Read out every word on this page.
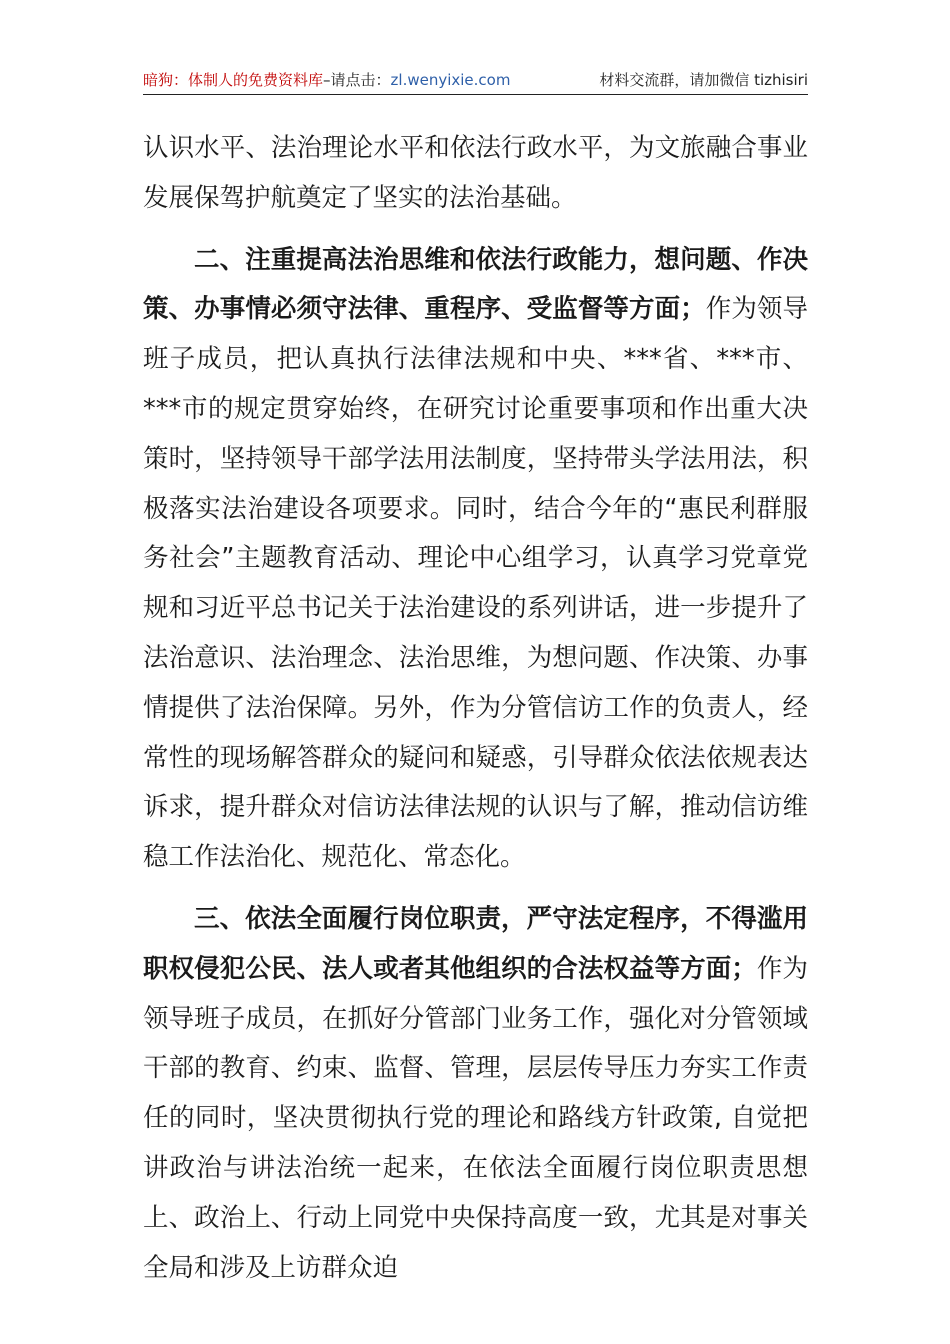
暗狗：体制人的免费资料库–请点击：zl.wenyixie.com	材料交流群，请加微信 tizhisiri

认识水平、法治理论水平和依法行政水平，为文旅融合事业发展保驾护航奠定了坚实的法治基础。

二、注重提高法治思维和依法行政能力，想问题、作决策、办事情必须守法律、重程序、受监督等方面；作为领导班子成员，把认真执行法律法规和中央、***省、***市、***市的规定贯穿始终，在研究讨论重要事项和作出重大决策时，坚持领导干部学法用法制度，坚持带头学法用法，积极落实法治建设各项要求。同时，结合今年的“惠民利群服务社会”主题教育活动、理论中心组学习，认真学习党章党规和习近平总书记关于法治建设的系列讲话，进一步提升了法治意识、法治理念、法治思维，为想问题、作决策、办事情提供了法治保障。另外，作为分管信访工作的负责人，经常性的现场解答群众的疑问和疑惑，引导群众依法依规表达诉求，提升群众对信访法律法规的认识与了解，推动信访维稳工作法治化、规范化、常态化。

三、依法全面履行岗位职责，严守法定程序，不得滥用职权侵犯公民、法人或者其他组织的合法权益等方面；作为领导班子成员，在抓好分管部门业务工作，强化对分管领域干部的教育、约束、监督、管理，层层传导压力夯实工作责任的同时，坚决贯彻执行党的理论和路线方针政策, 自觉把讲政治与讲法治统一起来，在依法全面履行岗位职责思想上、政治上、行动上同党中央保持高度一致，尤其是对事关全局和涉及上访群众迫
